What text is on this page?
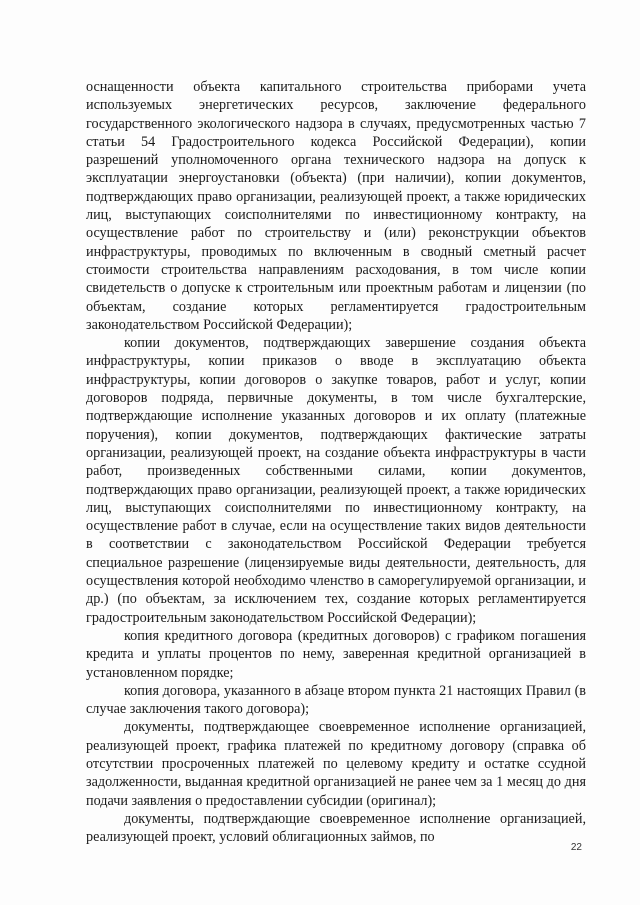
оснащенности объекта капитального строительства приборами учета используемых энергетических ресурсов, заключение федерального государственного экологического надзора в случаях, предусмотренных частью 7 статьи 54 Градостроительного кодекса Российской Федерации), копии разрешений уполномоченного органа технического надзора на допуск к эксплуатации энергоустановки (объекта) (при наличии), копии документов, подтверждающих право организации, реализующей проект, а также юридических лиц, выступающих соисполнителями по инвестиционному контракту, на осуществление работ по строительству и (или) реконструкции объектов инфраструктуры, проводимых по включенным в сводный сметный расчет стоимости строительства направлениям расходования, в том числе копии свидетельств о допуске к строительным или проектным работам и лицензии (по объектам, создание которых регламентируется градостроительным законодательством Российской Федерации);

копии документов, подтверждающих завершение создания объекта инфраструктуры, копии приказов о вводе в эксплуатацию объекта инфраструктуры, копии договоров о закупке товаров, работ и услуг, копии договоров подряда, первичные документы, в том числе бухгалтерские, подтверждающие исполнение указанных договоров и их оплату (платежные поручения), копии документов, подтверждающих фактические затраты организации, реализующей проект, на создание объекта инфраструктуры в части работ, произведенных собственными силами, копии документов, подтверждающих право организации, реализующей проект, а также юридических лиц, выступающих соисполнителями по инвестиционному контракту, на осуществление работ в случае, если на осуществление таких видов деятельности в соответствии с законодательством Российской Федерации требуется специальное разрешение (лицензируемые виды деятельности, деятельность, для осуществления которой необходимо членство в саморегулируемой организации, и др.) (по объектам, за исключением тех, создание которых регламентируется градостроительным законодательством Российской Федерации);

копия кредитного договора (кредитных договоров) с графиком погашения кредита и уплаты процентов по нему, заверенная кредитной организацией в установленном порядке;

копия договора, указанного в абзаце втором пункта 21 настоящих Правил (в случае заключения такого договора);

документы, подтверждающее своевременное исполнение организацией, реализующей проект, графика платежей по кредитному договору (справка об отсутствии просроченных платежей по целевому кредиту и остатке ссудной задолженности, выданная кредитной организацией не ранее чем за 1 месяц до дня подачи заявления о предоставлении субсидии (оригинал);

документы, подтверждающие своевременное исполнение организацией, реализующей проект, условий облигационных займов, по

22
